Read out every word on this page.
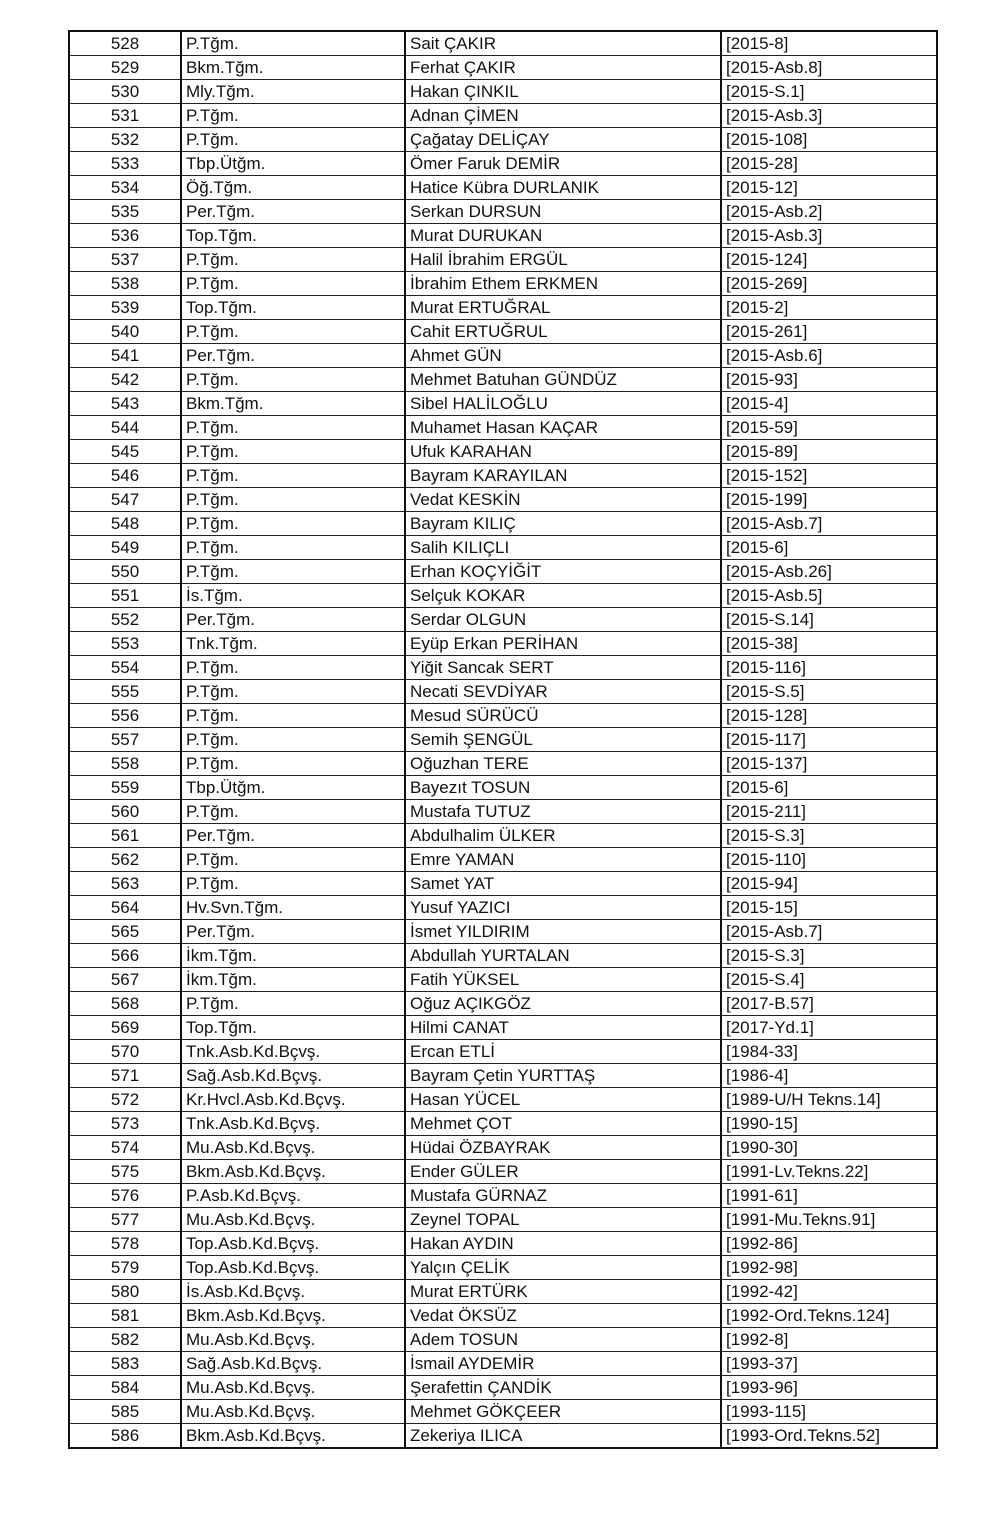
528	P.Tğm.	Sait ÇAKIR	[2015-8]
529	Bkm.Tğm.	Ferhat ÇAKIR	[2015-Asb.8]
530	Mly.Tğm.	Hakan ÇINKIL	[2015-S.1]
531	P.Tğm.	Adnan ÇİMEN	[2015-Asb.3]
532	P.Tğm.	Çağatay DELİÇAY	[2015-108]
533	Tbp.Ütğm.	Ömer Faruk DEMİR	[2015-28]
534	Öğ.Tğm.	Hatice Kübra DURLANIK	[2015-12]
535	Per.Tğm.	Serkan DURSUN	[2015-Asb.2]
536	Top.Tğm.	Murat DURUKAN	[2015-Asb.3]
537	P.Tğm.	Halil İbrahim ERGÜL	[2015-124]
538	P.Tğm.	İbrahim Ethem ERKMEN	[2015-269]
539	Top.Tğm.	Murat ERTUĞRAL	[2015-2]
540	P.Tğm.	Cahit ERTUĞRUL	[2015-261]
541	Per.Tğm.	Ahmet GÜN	[2015-Asb.6]
542	P.Tğm.	Mehmet Batuhan GÜNDÜZ	[2015-93]
543	Bkm.Tğm.	Sibel HALİLOĞLU	[2015-4]
544	P.Tğm.	Muhamet Hasan KAÇAR	[2015-59]
545	P.Tğm.	Ufuk KARAHAN	[2015-89]
546	P.Tğm.	Bayram KARAYILAN	[2015-152]
547	P.Tğm.	Vedat KESKİN	[2015-199]
548	P.Tğm.	Bayram KILIÇ	[2015-Asb.7]
549	P.Tğm.	Salih KILIÇLI	[2015-6]
550	P.Tğm.	Erhan KOÇYİĞİT	[2015-Asb.26]
551	İs.Tğm.	Selçuk KOKAR	[2015-Asb.5]
552	Per.Tğm.	Serdar OLGUN	[2015-S.14]
553	Tnk.Tğm.	Eyüp Erkan PERİHAN	[2015-38]
554	P.Tğm.	Yiğit Sancak SERT	[2015-116]
555	P.Tğm.	Necati SEVDİYAR	[2015-S.5]
556	P.Tğm.	Mesud SÜRÜCÜ	[2015-128]
557	P.Tğm.	Semih ŞENGÜL	[2015-117]
558	P.Tğm.	Oğuzhan TERE	[2015-137]
559	Tbp.Ütğm.	Bayezıt TOSUN	[2015-6]
560	P.Tğm.	Mustafa TUTUZ	[2015-211]
561	Per.Tğm.	Abdulhalim ÜLKER	[2015-S.3]
562	P.Tğm.	Emre YAMAN	[2015-110]
563	P.Tğm.	Samet YAT	[2015-94]
564	Hv.Svn.Tğm.	Yusuf YAZICI	[2015-15]
565	Per.Tğm.	İsmet YILDIRIM	[2015-Asb.7]
566	İkm.Tğm.	Abdullah YURTALAN	[2015-S.3]
567	İkm.Tğm.	Fatih YÜKSEL	[2015-S.4]
568	P.Tğm.	Oğuz AÇIKGÖZ	[2017-B.57]
569	Top.Tğm.	Hilmi CANAT	[2017-Yd.1]
570	Tnk.Asb.Kd.Bçvş.	Ercan ETLİ	[1984-33]
571	Sağ.Asb.Kd.Bçvş.	Bayram Çetin YURTTAŞ	[1986-4]
572	Kr.Hvcl.Asb.Kd.Bçvş.	Hasan YÜCEL	[1989-U/H Tekns.14]
573	Tnk.Asb.Kd.Bçvş.	Mehmet ÇOT	[1990-15]
574	Mu.Asb.Kd.Bçvş.	Hüdai ÖZBAYRAK	[1990-30]
575	Bkm.Asb.Kd.Bçvş.	Ender GÜLER	[1991-Lv.Tekns.22]
576	P.Asb.Kd.Bçvş.	Mustafa GÜRNAZ	[1991-61]
577	Mu.Asb.Kd.Bçvş.	Zeynel TOPAL	[1991-Mu.Tekns.91]
578	Top.Asb.Kd.Bçvş.	Hakan AYDIN	[1992-86]
579	Top.Asb.Kd.Bçvş.	Yalçın ÇELİK	[1992-98]
580	İs.Asb.Kd.Bçvş.	Murat ERTÜRK	[1992-42]
581	Bkm.Asb.Kd.Bçvş.	Vedat ÖKSÜZ	[1992-Ord.Tekns.124]
582	Mu.Asb.Kd.Bçvş.	Adem TOSUN	[1992-8]
583	Sağ.Asb.Kd.Bçvş.	İsmail AYDEMİR	[1993-37]
584	Mu.Asb.Kd.Bçvş.	Şerafettin ÇANDİK	[1993-96]
585	Mu.Asb.Kd.Bçvş.	Mehmet GÖKÇEER	[1993-115]
586	Bkm.Asb.Kd.Bçvş.	Zekeriya ILICA	[1993-Ord.Tekns.52]
